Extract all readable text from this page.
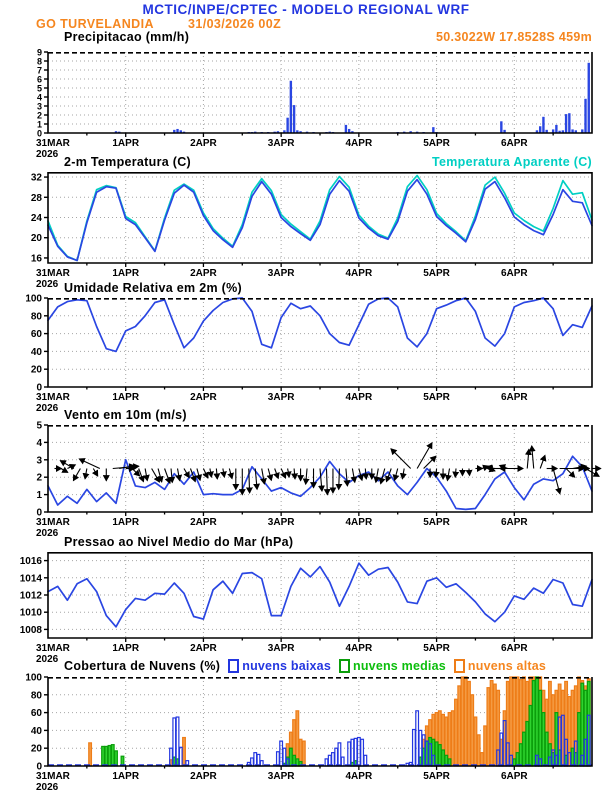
MCTIC/INPE/CPTEC - MODELO REGIONAL WRF
GO TURVELANDIA	31/03/2026 00Z
Precipitacao (mm/h)	50.3022W 17.8528S 459m
0
1
2
3
4
5
6
7
8
9
31MAR
2026
1APR	2APR	3APR	4APR	5APR	6APR
2-m Temperatura (C)	Temperatura Aparente (C)
16
20
24
28
32
31MAR
2026
1APR	2APR	3APR	4APR	5APR	6APR
Umidade Relativa em 2m (%)
0
20
40
60
80
100
31MAR
2026
1APR	2APR	3APR	4APR	5APR	6APR
Vento em 10m (m/s)
0
1
2
3
4
5
31MAR
2026
1APR	2APR	3APR	4APR	5APR	6APR
Pressao ao Nivel Medio do Mar (hPa)
1008
1010
1012
1014
1016
31MAR
2026
1APR	2APR	3APR	4APR	5APR	6APR
Cobertura de Nuvens (%) nuvens baixas nuvens medias nuvens altas
0
20
40
60
80
100
31MAR
2026
1APR	2APR	3APR	4APR	5APR	6APR
